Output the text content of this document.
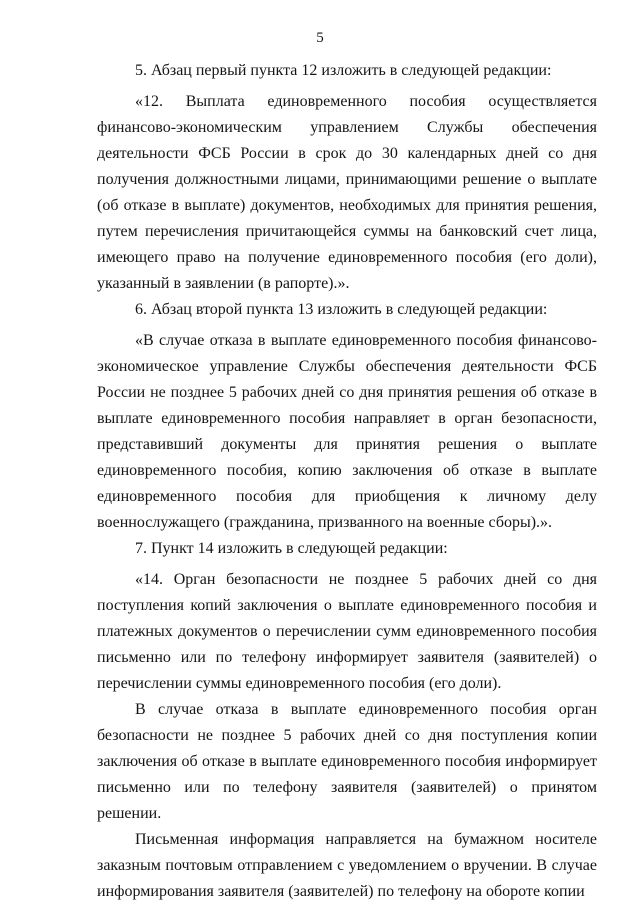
5

5. Абзац первый пункта 12 изложить в следующей редакции:

«12. Выплата единовременного пособия осуществляется финансово-экономическим управлением Службы обеспечения деятельности ФСБ России в срок до 30 календарных дней со дня получения должностными лицами, принимающими решение о выплате (об отказе в выплате) документов, необходимых для принятия решения, путем перечисления причитающейся суммы на банковский счет лица, имеющего право на получение единовременного пособия (его доли), указанный в заявлении (в рапорте).».

6. Абзац второй пункта 13 изложить в следующей редакции:

«В случае отказа в выплате единовременного пособия финансово-экономическое управление Службы обеспечения деятельности ФСБ России не позднее 5 рабочих дней со дня принятия решения об отказе в выплате единовременного пособия направляет в орган безопасности, представивший документы для принятия решения о выплате единовременного пособия, копию заключения об отказе в выплате единовременного пособия для приобщения к личному делу военнослужащего (гражданина, призванного на военные сборы).».

7. Пункт 14 изложить в следующей редакции:

«14. Орган безопасности не позднее 5 рабочих дней со дня поступления копий заключения о выплате единовременного пособия и платежных документов о перечислении сумм единовременного пособия письменно или по телефону информирует заявителя (заявителей) о перечислении суммы единовременного пособия (его доли).

В случае отказа в выплате единовременного пособия орган безопасности не позднее 5 рабочих дней со дня поступления копии заключения об отказе в выплате единовременного пособия информирует письменно или по телефону заявителя (заявителей) о принятом решении.

Письменная информация направляется на бумажном носителе заказным почтовым отправлением с уведомлением о вручении. В случае информирования заявителя (заявителей) по телефону на обороте копии
